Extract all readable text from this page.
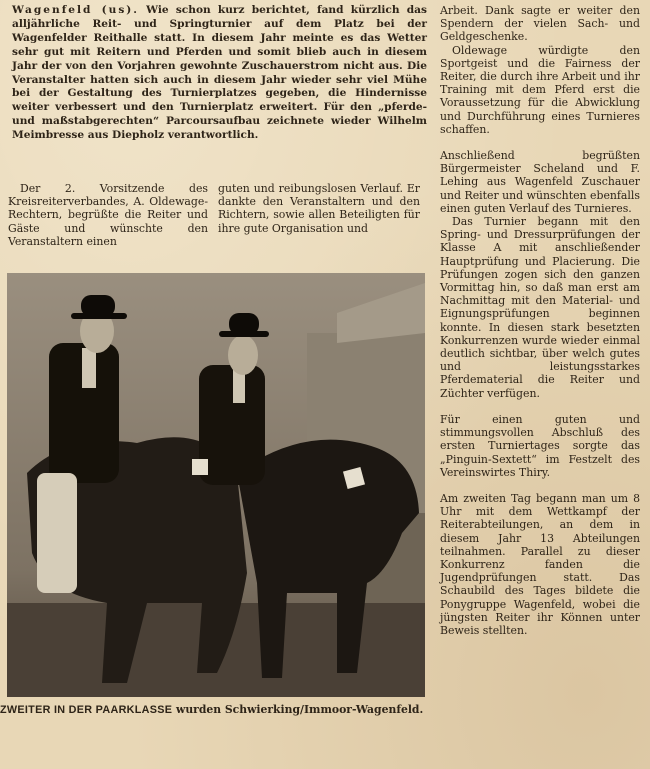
Wagenfeld (us). Wie schon kurz berichtet, fand kürzlich das alljährliche Reit- und Springturnier auf dem Platz bei der Wagenfelder Reithalle statt. In diesem Jahr meinte es das Wetter sehr gut mit Reitern und Pferden und somit blieb auch in diesem Jahr der von den Vorjahren gewohnte Zuschauerstrom nicht aus. Die Veranstalter hatten sich auch in diesem Jahr wieder sehr viel Mühe bei der Gestaltung des Turnierplatzes gegeben, die Hindernisse weiter verbessert und den Turnierplatz erweitert. Für den „pferde- und maßstabgerechten“ Parcoursaufbau zeichnete wieder Wilhelm Meimbresse aus Diepholz verantwortlich.

Der 2. Vorsitzende des Kreisreiterverbandes, A. Oldewage-Rechtern, begrüßte die Reiter und Gäste und wünschte den Veranstaltern einen

guten und reibungslosen Verlauf. Er dankte den Veranstaltern und den Richtern, sowie allen Beteiligten für ihre gute Organisation und

Arbeit. Dank sagte er weiter den Spendern der vielen Sach- und Geldgeschenke.

Oldewage würdigte den Sportgeist und die Fairness der Reiter, die durch ihre Arbeit und ihr Training mit dem Pferd erst die Voraussetzung für die Abwicklung und Durchführung eines Turnieres schaffen.

Anschließend begrüßten Bürgermeister Scheland und F. Lehing aus Wagenfeld Zuschauer und Reiter und wünschten ebenfalls einen guten Verlauf des Turnieres.

Das Turnier begann mit den Spring- und Dressurprüfungen der Klasse A mit anschließender Hauptprüfung und Placierung. Die Prüfungen zogen sich den ganzen Vormittag hin, so daß man erst am Nachmittag mit den Material- und Eignungsprüfungen beginnen konnte. In diesen stark besetzten Konkurrenzen wurde wieder einmal deutlich sichtbar, über welch gutes und leistungsstarkes Pferdematerial die Reiter und Züchter verfügen.

Für einen guten und stimmungsvollen Abschluß des ersten Turniertages sorgte das „Pinguin-Sextett“ im Festzelt des Vereinswirtes Thiry.

Am zweiten Tag begann man um 8 Uhr mit dem Wettkampf der Reiterabteilungen, an dem in diesem Jahr 13 Abteilungen teilnahmen. Parallel zu dieser Konkurrenz fanden die Jugendprüfungen statt. Das Schaubild des Tages bildete die Ponygruppe Wagenfeld, wobei die jüngsten Reiter ihr Können unter Beweis stellten.

ZWEITER IN DER PAARKLASSE wurden Schwierking/Immoor-Wagenfeld.
